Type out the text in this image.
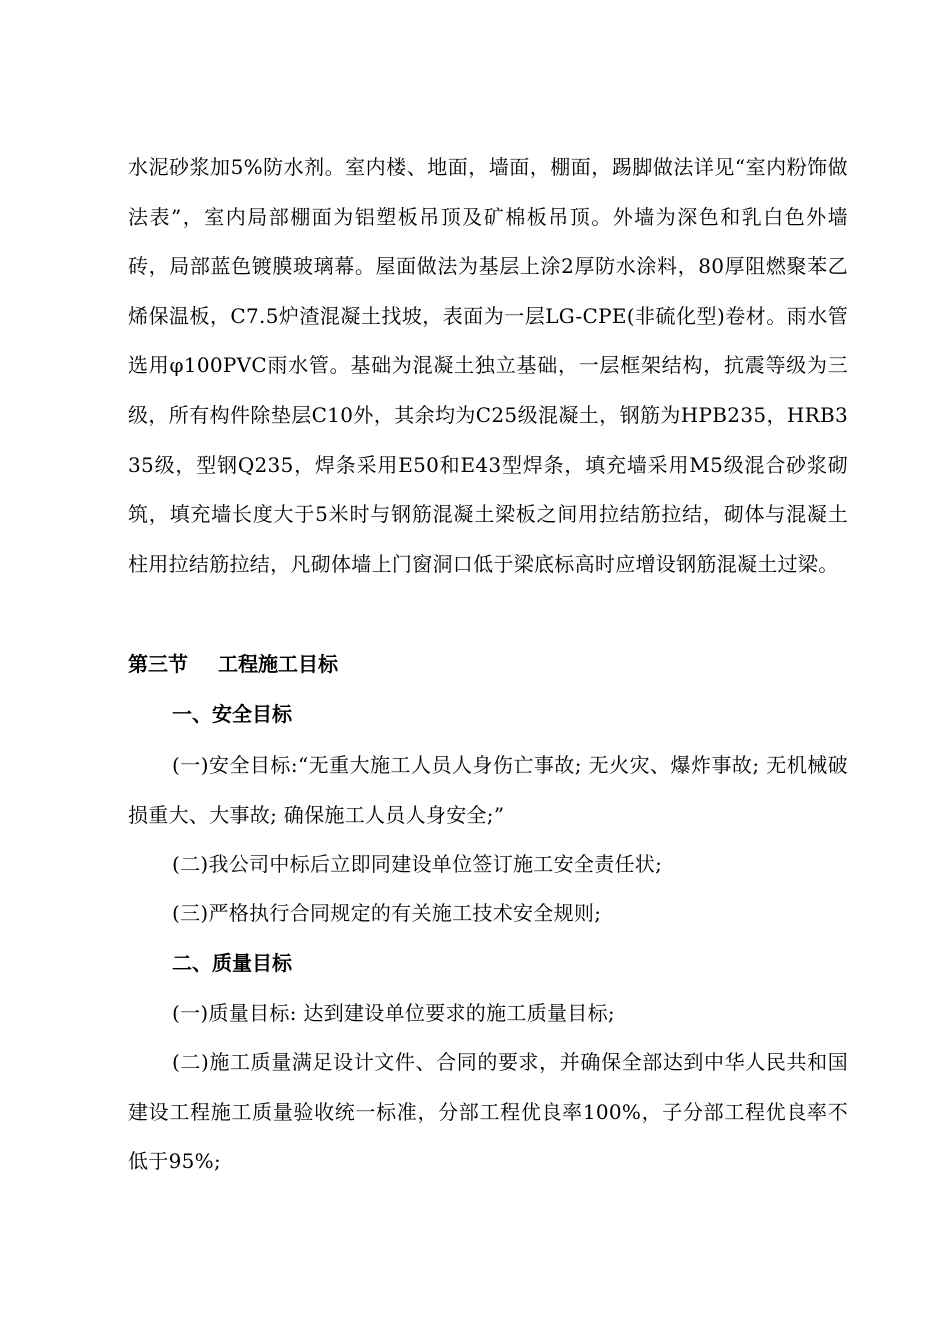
水泥砂浆加5%防水剂。室内楼、地面，墙面，棚面，踢脚做法详见“室内粉饰做法表”，室内局部棚面为铝塑板吊顶及矿棉板吊顶。外墙为深色和乳白色外墙砖，局部蓝色镀膜玻璃幕。屋面做法为基层上涂2厚防水涂料，80厚阻燃聚苯乙烯保温板，C7.5炉渣混凝土找坡，表面为一层LG-CPE(非硫化型)卷材。雨水管选用φ100PVC雨水管。基础为混凝土独立基础，一层框架结构，抗震等级为三级，所有构件除垫层C10外，其余均为C25级混凝土，钢筋为HPB235，HRB335级，型钢Q235，焊条采用E50和E43型焊条，填充墙采用M5级混合砂浆砌筑，填充墙长度大于5米时与钢筋混凝土梁板之间用拉结筋拉结，砌体与混凝土柱用拉结筋拉结，凡砌体墙上门窗洞口低于梁底标高时应增设钢筋混凝土过梁。

第三节 工程施工目标
一、安全目标

(一)安全目标:“无重大施工人员人身伤亡事故; 无火灾、爆炸事故; 无机械破损重大、大事故; 确保施工人员人身安全;”

(二)我公司中标后立即同建设单位签订施工安全责任状;

(三)严格执行合同规定的有关施工技术安全规则;

二、质量目标

(一)质量目标: 达到建设单位要求的施工质量目标;

(二)施工质量满足设计文件、合同的要求，并确保全部达到中华人民共和国建设工程施工质量验收统一标准，分部工程优良率100%，子分部工程优良率不低于95%;
